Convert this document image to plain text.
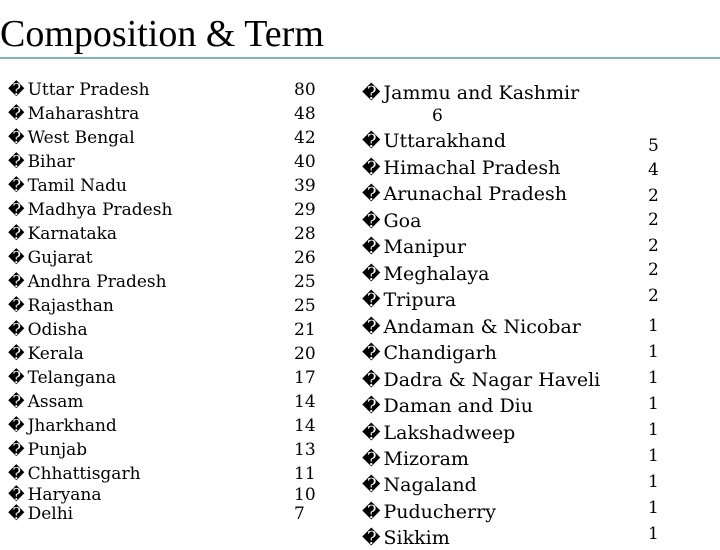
Composition & Term
� Uttar Pradesh
� Maharashtra
� West Bengal
� Bihar
� Tamil Nadu
� Madhya Pradesh
� Karnataka
� Gujarat
� Andhra Pradesh
� Rajasthan
� Odisha
� Kerala
� Telangana
� Assam
� Jharkhand
� Punjab
� Chhattisgarh
� Haryana
� Delhi
80
48
42
40
39
29
28
26
25
25
21
20
17
14
14
13
11
10
7
� Jammu and Kashmir
� Uttarakhand
� Himachal Pradesh
� Arunachal Pradesh
� Goa
� Manipur
� Meghalaya
� Tripura
� Andaman & Nicobar
� Chandigarh
� Dadra & Nagar Haveli
� Daman and Diu
� Lakshadweep
� Mizoram
� Nagaland
� Puducherry
� Sikkim
6
5
4
2
2
2
2
2
1
1
1
1
1
1
1
1
1
